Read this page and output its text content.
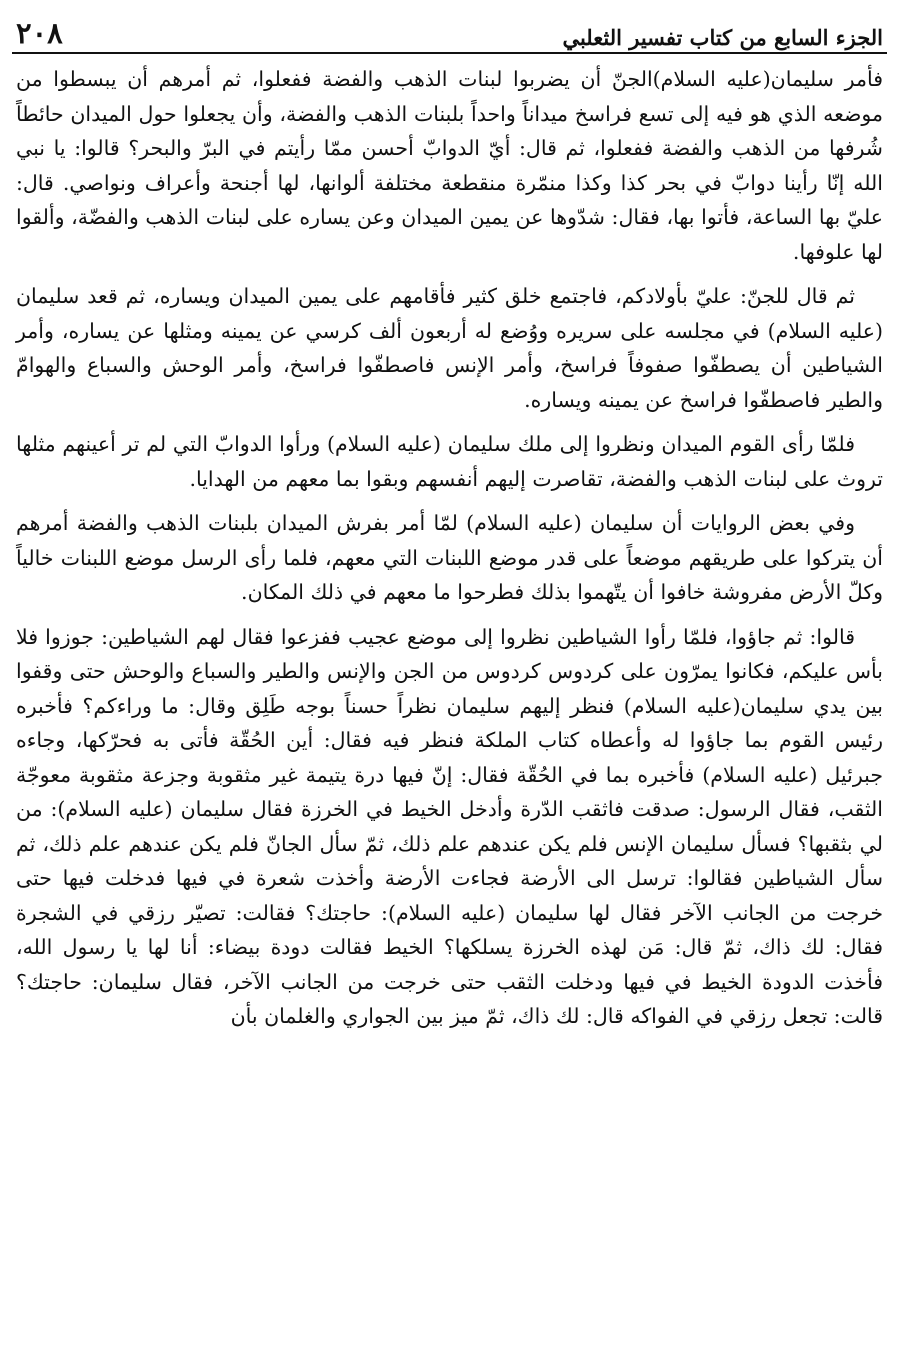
الجزء السابع من كتاب تفسير الثعلبي
٢٠٨

فأمر سليمان(عليه السلام)الجنّ أن يضربوا لبنات الذهب والفضة ففعلوا، ثم أمرهم أن يبسطوا من موضعه الذي هو فيه إلى تسع فراسخ ميداناً واحداً بلبنات الذهب والفضة، وأن يجعلوا حول الميدان حائطاً شُرفها من الذهب والفضة ففعلوا، ثم قال: أيّ الدوابّ أحسن ممّا رأيتم في البرّ والبحر؟ قالوا: يا نبي الله إنّا رأينا دوابّ في بحر كذا وكذا منمّرة منقطعة مختلفة ألوانها، لها أجنحة وأعراف ونواصي. قال: عليّ بها الساعة، فأتوا بها، فقال: شدّوها عن يمين الميدان وعن يساره على لبنات الذهب والفضّة، وألقوا لها علوفها.

ثم قال للجنّ: عليّ بأولادكم، فاجتمع خلق كثير فأقامهم على يمين الميدان ويساره، ثم قعد سليمان (عليه السلام) في مجلسه على سريره ووُضع له أربعون ألف كرسي عن يمينه ومثلها عن يساره، وأمر الشياطين أن يصطفّوا صفوفاً فراسخ، وأمر الإنس فاصطفّوا فراسخ، وأمر الوحش والسباع والهوامّ والطير فاصطفّوا فراسخ عن يمينه ويساره.

فلمّا رأى القوم الميدان ونظروا إلى ملك سليمان (عليه السلام) ورأوا الدوابّ التي لم تر أعينهم مثلها تروث على لبنات الذهب والفضة، تقاصرت إليهم أنفسهم وبقوا بما معهم من الهدايا.

وفي بعض الروايات أن سليمان (عليه السلام) لمّا أمر بفرش الميدان بلبنات الذهب والفضة أمرهم أن يتركوا على طريقهم موضعاً على قدر موضع اللبنات التي معهم، فلما رأى الرسل موضع اللبنات خالياً وكلّ الأرض مفروشة خافوا أن يتّهموا بذلك فطرحوا ما معهم في ذلك المكان.

قالوا: ثم جاؤوا، فلمّا رأوا الشياطين نظروا إلى موضع عجيب ففزعوا فقال لهم الشياطين: جوزوا فلا بأس عليكم، فكانوا يمرّون على كردوس كردوس من الجن والإنس والطير والسباع والوحش حتى وقفوا بين يدي سليمان(عليه السلام) فنظر إليهم سليمان نظراً حسناً بوجه طَلِق وقال: ما وراءكم؟ فأخبره رئيس القوم بما جاؤوا له وأعطاه كتاب الملكة فنظر فيه فقال: أين الحُقّة فأتى به فحرّكها، وجاءه جبرئيل (عليه السلام) فأخبره بما في الحُقّة فقال: إنّ فيها درة يتيمة غير مثقوبة وجزعة مثقوبة معوجّة الثقب، فقال الرسول: صدقت فاثقب الدّرة وأدخل الخيط في الخرزة فقال سليمان (عليه السلام): من لي بثقبها؟ فسأل سليمان الإنس فلم يكن عندهم علم ذلك، ثمّ سأل الجانّ فلم يكن عندهم علم ذلك، ثم سأل الشياطين فقالوا: ترسل الى الأرضة فجاءت الأرضة وأخذت شعرة في فيها فدخلت فيها حتى خرجت من الجانب الآخر فقال لها سليمان (عليه السلام): حاجتك؟ فقالت: تصيّر رزقي في الشجرة فقال: لك ذاك، ثمّ قال: مَن لهذه الخرزة يسلكها؟ الخيط فقالت دودة بيضاء: أنا لها يا رسول الله، فأخذت الدودة الخيط في فيها ودخلت الثقب حتى خرجت من الجانب الآخر، فقال سليمان: حاجتك؟ قالت: تجعل رزقي في الفواكه قال: لك ذاك، ثمّ ميز بين الجواري والغلمان بأن
